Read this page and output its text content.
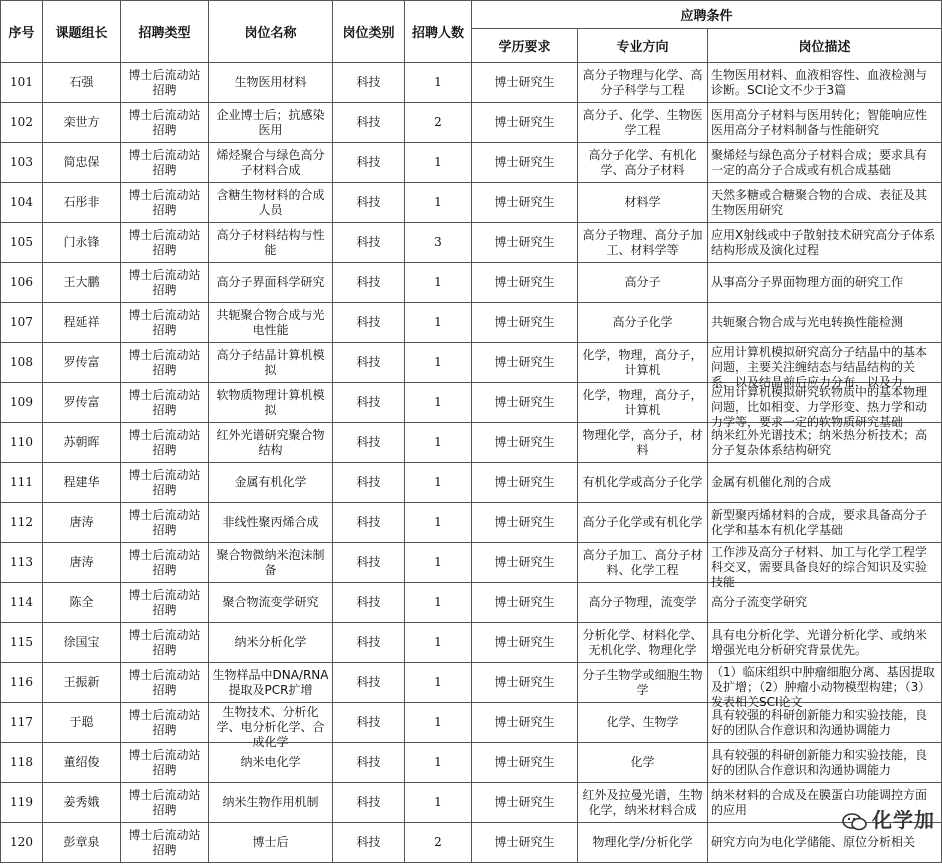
序号	课题组长	招聘类型	岗位名称	岗位类别	招聘人数	应聘条件		
						学历要求	专业方向	岗位描述

101	石强	博士后流动站招聘	生物医用材料	科技	1	博士研究生	高分子物理与化学、高分子科学与工程	生物医用材料、血液相容性、血液检测与诊断。SCI论文不少于3篇

102	栾世方	博士后流动站招聘	企业博士后；抗感染医用	科技	2	博士研究生	高分子、化学、生物医学工程	医用高分子材料与医用转化；智能响应性医用高分子材料制备与性能研究

103	简忠保	博士后流动站招聘	烯烃聚合与绿色高分子材料合成	科技	1	博士研究生	高分子化学、有机化学、高分子材料	聚烯烃与绿色高分子材料合成；要求具有一定的高分子合成或有机合成基础

104	石彤非	博士后流动站招聘	含糖生物材料的合成人员	科技	1	博士研究生	材料学	天然多糖或合糖聚合物的合成、表征及其生物医用研究

105	门永锋	博士后流动站招聘	高分子材料结构与性能	科技	3	博士研究生	高分子物理、高分子加工、材料学等	应用X射线或中子散射技术研究高分子体系结构形成及演化过程

106	王大鹏	博士后流动站招聘	高分子界面科学研究	科技	1	博士研究生	高分子	从事高分子界面物理方面的研究工作

107	程延祥	博士后流动站招聘	共轭聚合物合成与光电性能	科技	1	博士研究生	高分子化学	共轭聚合物合成与光电转换性能检测

108	罗传富	博士后流动站招聘	高分子结晶计算机模拟	科技	1	博士研究生	化学，物理，高分子，计算机	应用计算机模拟研究高分子结晶中的基本问题，主要关注缠结态与结晶结构的关系，以及结晶前后应力分布，以及力

109	罗传富	博士后流动站招聘	软物质物理计算机模拟	科技	1	博士研究生	化学，物理，高分子，计算机	应用计算机模拟研究软物质中的基本物理问题，比如相变、力学形变、热力学和动力学等，要求一定的软物质研究基础

110	苏朝晖	博士后流动站招聘	红外光谱研究聚合物结构	科技	1	博士研究生	物理化学，高分子，材料	纳米红外光谱技术；纳米热分析技术；高分子复杂体系结构研究

111	程建华	博士后流动站招聘	金属有机化学	科技	1	博士研究生	有机化学或高分子化学	金属有机催化剂的合成

112	唐涛	博士后流动站招聘	非线性聚丙烯合成	科技	1	博士研究生	高分子化学或有机化学	新型聚丙烯材料的合成，要求具备高分子化学和基本有机化学基础

113	唐涛	博士后流动站招聘	聚合物微纳米泡沫制备	科技	1	博士研究生	高分子加工、高分子材料、化学工程	工作涉及高分子材料、加工与化学工程学科交叉，需要具备良好的综合知识及实验技能

114	陈全	博士后流动站招聘	聚合物流变学研究	科技	1	博士研究生	高分子物理，流变学	高分子流变学研究

115	徐国宝	博士后流动站招聘	纳米分析化学	科技	1	博士研究生	分析化学、材料化学、无机化学、物理化学	具有电分析化学、光谱分析化学、或纳米增强光电分析研究背景优先。

116	王振新	博士后流动站招聘	生物样品中DNA/RNA提取及PCR扩增	科技	1	博士研究生	分子生物学或细胞生物学	（1）临床组织中肿瘤细胞分离、基因提取及扩增；（2）肿瘤小动物模型构建；（3）发表相关SCI论文

117	于聪	博士后流动站招聘	生物技术、分析化学、电分析化学、合成化学	科技	1	博士研究生	化学、生物学	具有较强的科研创新能力和实验技能，良好的团队合作意识和沟通协调能力

118	董绍俊	博士后流动站招聘	纳米电化学	科技	1	博士研究生	化学	具有较强的科研创新能力和实验技能，良好的团队合作意识和沟通协调能力

119	姜秀娥	博士后流动站招聘	纳米生物作用机制	科技	1	博士研究生	红外及拉曼光谱，生物化学，纳米材料合成	纳米材料的合成及在膜蛋白功能调控方面的应用

120	彭章泉	博士后流动站招聘	博士后	科技	2	博士研究生	物理化学/分析化学	研究方向为电化学储能、原位分析相关
化学加
